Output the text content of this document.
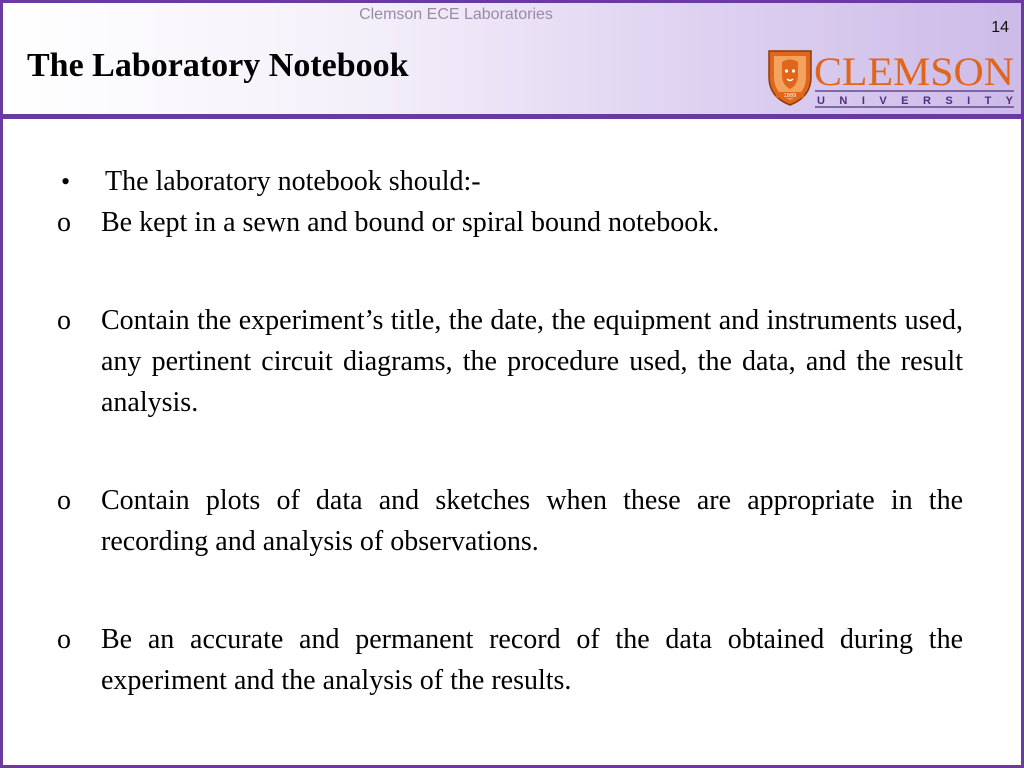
Clemson ECE Laboratories
14
The Laboratory Notebook
1889
CLEMSON
U N I V E R S I T Y
•	The laboratory notebook should:-
o	Be kept in a sewn and bound or spiral bound notebook.
o	Contain the experiment’s title, the date, the equipment and instruments used, any pertinent circuit diagrams, the procedure used, the data, and the result analysis.
o	Contain plots of data and sketches when these are appropriate in the recording and analysis of observations.
o	Be an accurate and permanent record of the data obtained during the experiment and the analysis of the results.
